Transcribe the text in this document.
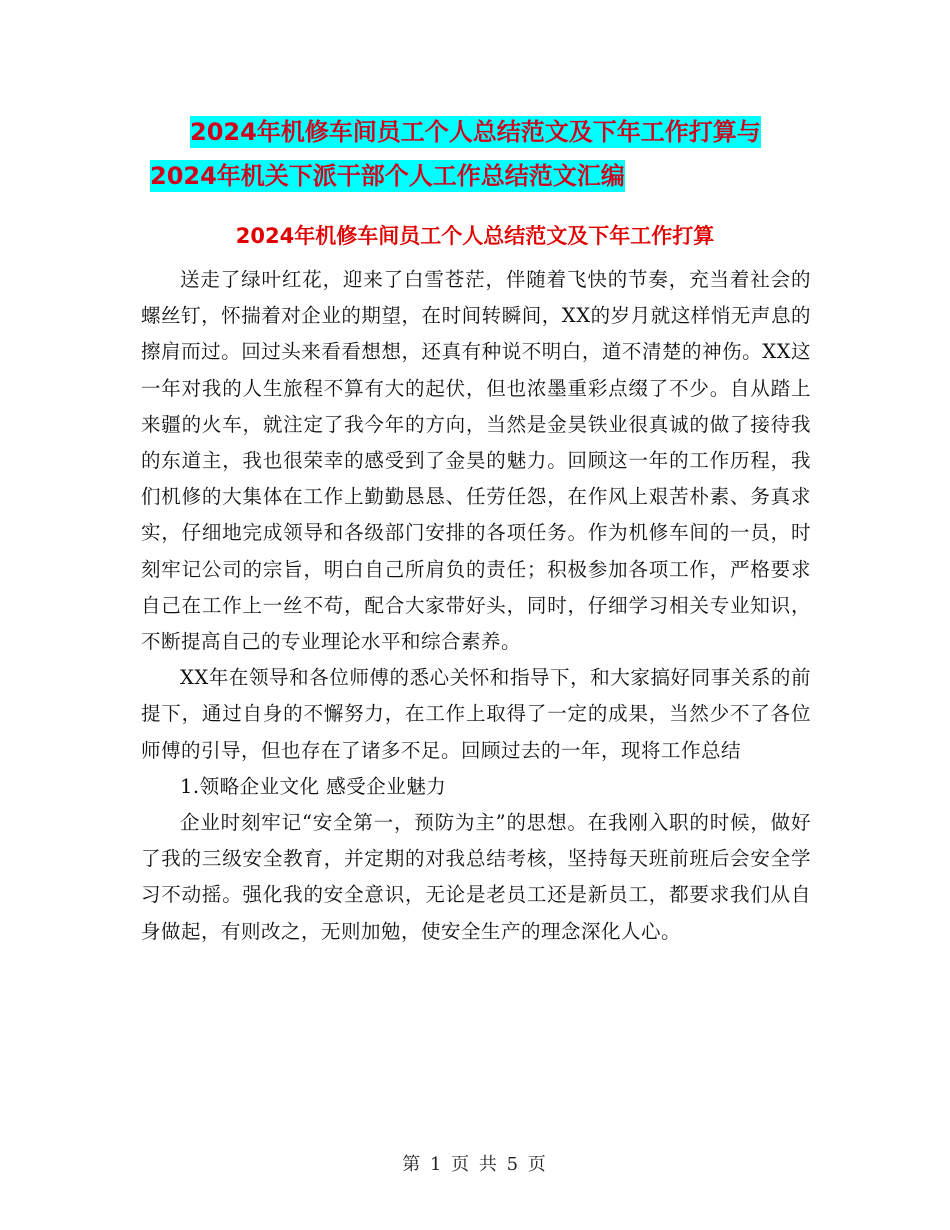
2024年机修车间员工个人总结范文及下年工作打算与
2024年机关下派干部个人工作总结范文汇编
2024年机修车间员工个人总结范文及下年工作打算

送走了绿叶红花，迎来了白雪苍茫，伴随着飞快的节奏，充当着社会的螺丝钉，怀揣着对企业的期望，在时间转瞬间，XX的岁月就这样悄无声息的擦肩而过。回过头来看看想想，还真有种说不明白，道不清楚的神伤。XX这一年对我的人生旅程不算有大的起伏，但也浓墨重彩点缀了不少。自从踏上来疆的火车，就注定了我今年的方向，当然是金昊铁业很真诚的做了接待我的东道主，我也很荣幸的感受到了金昊的魅力。回顾这一年的工作历程，我们机修的大集体在工作上勤勤恳恳、任劳任怨，在作风上艰苦朴素、务真求实，仔细地完成领导和各级部门安排的各项任务。作为机修车间的一员，时刻牢记公司的宗旨，明白自己所肩负的责任；积极参加各项工作，严格要求自己在工作上一丝不苟，配合大家带好头，同时，仔细学习相关专业知识，不断提高自己的专业理论水平和综合素养。

XX年在领导和各位师傅的悉心关怀和指导下，和大家搞好同事关系的前提下，通过自身的不懈努力，在工作上取得了一定的成果，当然少不了各位师傅的引导，但也存在了诸多不足。回顾过去的一年，现将工作总结

1.领略企业文化 感受企业魅力

企业时刻牢记“安全第一，预防为主”的思想。在我刚入职的时候，做好了我的三级安全教育，并定期的对我总结考核，坚持每天班前班后会安全学习不动摇。强化我的安全意识，无论是老员工还是新员工，都要求我们从自身做起，有则改之，无则加勉，使安全生产的理念深化人心。

第 1 页 共 5 页
